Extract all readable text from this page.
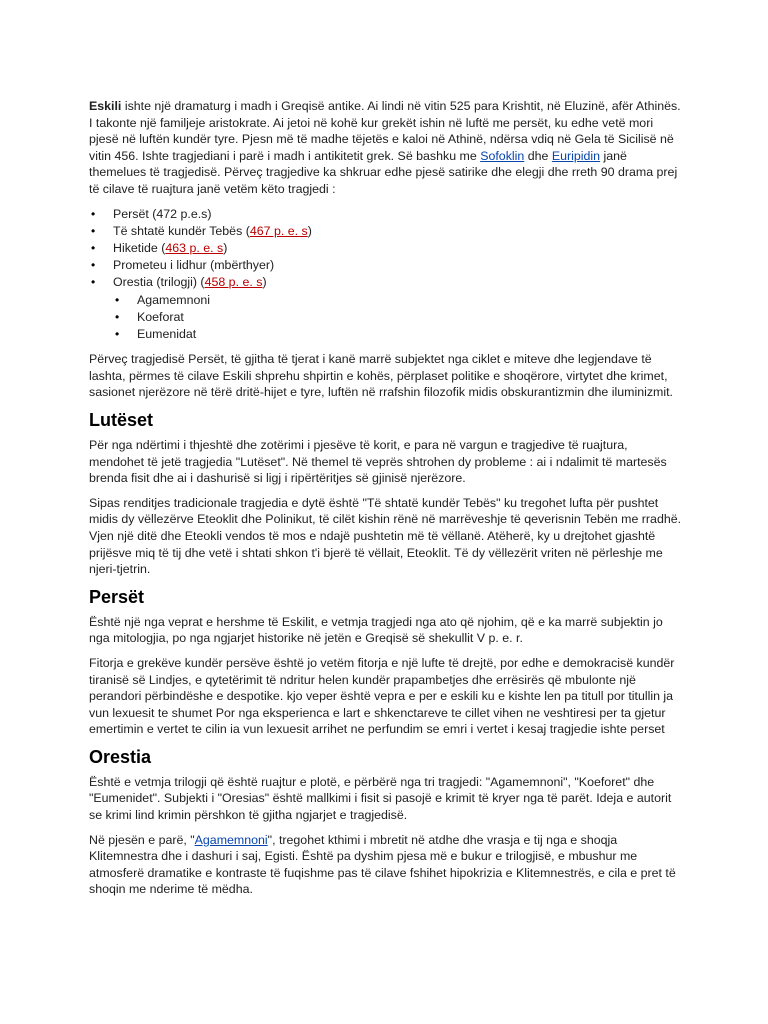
Eskili ishte një dramaturg i madh i Greqisë antike. Ai lindi në vitin 525 para Krishtit, në Eluzinë, afër Athinës. I takonte një familjeje aristokrate. Ai jetoi në kohë kur grekët ishin në luftë me persët, ku edhe vetë mori pjesë në luftën kundër tyre. Pjesn më të madhe tëjetës e kaloi në Athinë, ndërsa vdiq në Gela të Sicilisë në vitin 456. Ishte tragjediani i parë i madh i antikitetit grek. Së bashku me Sofoklin dhe Euripidin janë themelues të tragjedisë. Përveç tragjedive ka shkruar edhe pjesë satirike dhe elegji dhe rreth 90 drama prej të cilave të ruajtura janë vetëm këto tragjedi :

• Persët (472 p.e.s)
• Të shtatë kundër Tebës (467 p. e. s)
• Hiketide (463 p. e. s)
• Prometeu i lidhur (mbërthyer)
• Orestia (trilogji) (458 p. e. s)
• Agamemnoni
• Koeforat
• Eumenidat

Përveç tragjedisë Persët, të gjitha të tjerat i kanë marrë subjektet nga ciklet e miteve dhe legjendave të lashta, përmes të cilave Eskili shprehu shpirtin e kohës, përplaset politike e shoqërore, virtytet dhe krimet, sasionet njerëzore në tërë dritë-hijet e tyre, luftën në rrafshin filozofik midis obskurantizmin dhe iluminizmit.

Lutëset

Për nga ndërtimi i thjeshtë dhe zotërimi i pjesëve të korit, e para në vargun e tragjedive të ruajtura, mendohet të jetë tragjedia "Lutëset". Në themel të veprës shtrohen dy probleme : ai i ndalimit të martesës brenda fisit dhe ai i dashurisë si ligj i ripërtëritjes së gjinisë njerëzore.

Sipas renditjes tradicionale tragjedia e dytë është "Të shtatë kundër Tebës" ku tregohet lufta për pushtet midis dy vëllezërve Eteoklit dhe Polinikut, të cilët kishin rënë në marrëveshje të qeverisnin Tebën me rradhë. Vjen një ditë dhe Eteokli vendos të mos e ndajë pushtetin më të vëllanë. Atëherë, ky u drejtohet gjashtë prijësve miq të tij dhe vetë i shtati shkon t'i bjerë të vëllait, Eteoklit. Të dy vëllezërit vriten në përleshje me njeri-tjetrin.

Persët

Është një nga veprat e hershme të Eskilit, e vetmja tragjedi nga ato që njohim, që e ka marrë subjektin jo nga mitologjia, po nga ngjarjet historike në jetën e Greqisë së shekullit V p. e. r.

Fitorja e grekëve kundër persëve është jo vetëm fitorja e një lufte të drejtë, por edhe e demokracisë kundër tiranisë së Lindjes, e qytetërimit të ndritur helen kundër prapambetjes dhe errësirës që mbulonte një perandori përbindëshe e despotike. kjo veper është vepra e per e eskili ku e kishte len pa titull por titullin ja vun lexuesit te shumet Por nga eksperienca e lart e shkenctareve te cillet vihen ne veshtiresi per ta gjetur emertimin e vertet te cilin ia vun lexuesit arrihet ne perfundim se emri i vertet i kesaj tragjedie ishte perset

Orestia

Është e vetmja trilogji që është ruajtur e plotë, e përbërë nga tri tragjedi: "Agamemnoni", "Koeforet" dhe "Eumenidet". Subjekti i "Oresias" është mallkimi i fisit si pasojë e krimit të kryer nga të parët. Ideja e autorit se krimi lind krimin përshkon të gjitha ngjarjet e tragjedisë.

Në pjesën e parë, "Agamemnoni", tregohet kthimi i mbretit në atdhe dhe vrasja e tij nga e shoqja Klitemnestra dhe i dashuri i saj, Egisti. Është pa dyshim pjesa më e bukur e trilogjisë, e mbushur me atmosferë dramatike e kontraste të fuqishme pas të cilave fshihet hipokrizia e Klitemnestrës, e cila e pret të shoqin me nderime të mëdha.
